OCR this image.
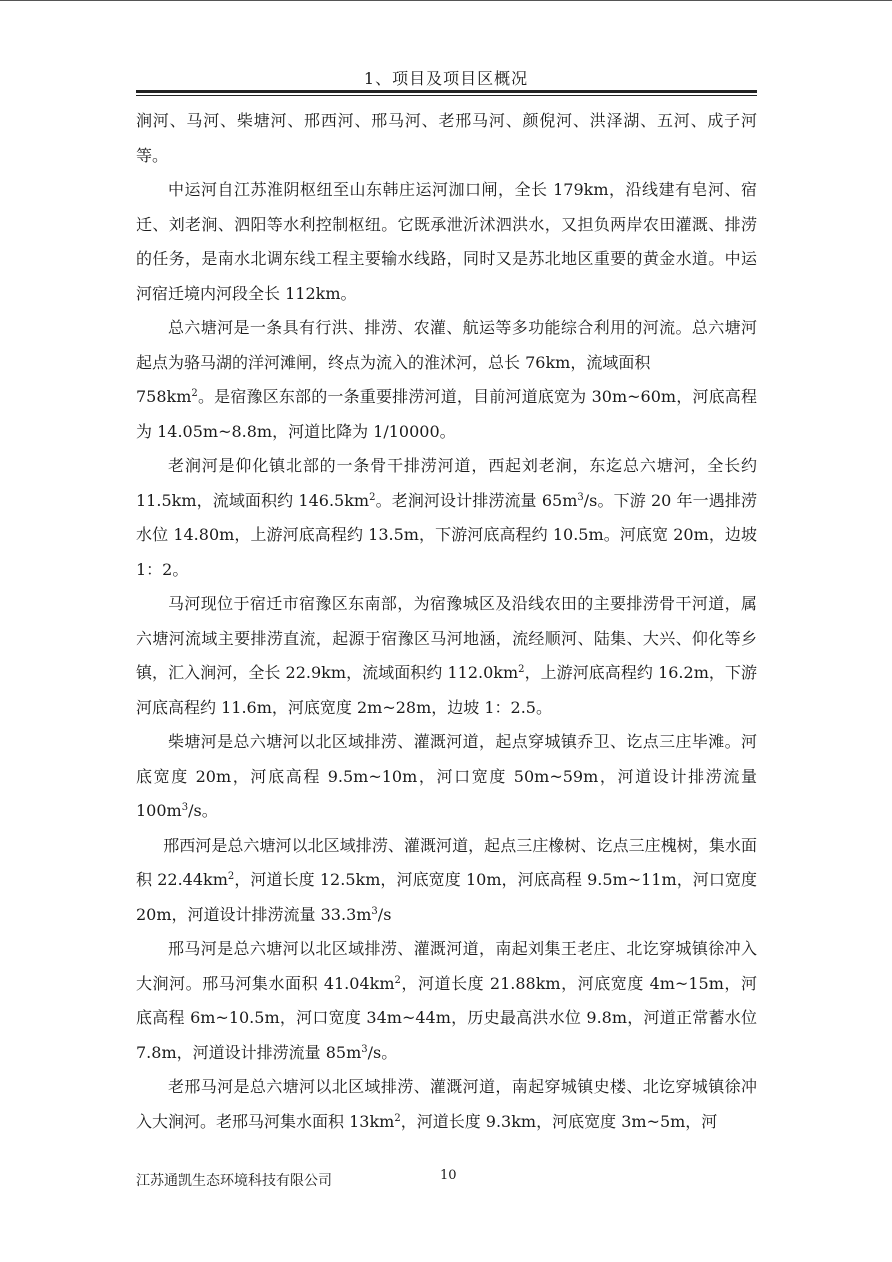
1、项目及项目区概况

涧河、马河、柴塘河、邢西河、邢马河、老邢马河、颜倪河、洪泽湖、五河、成子河等。

中运河自江苏淮阴枢纽至山东韩庄运河泇口闸，全长 179km，沿线建有皂河、宿迁、刘老涧、泗阳等水利控制枢纽。它既承泄沂沭泗洪水，又担负两岸农田灌溉、排涝的任务，是南水北调东线工程主要输水线路，同时又是苏北地区重要的黄金水道。中运河宿迁境内河段全长 112km。

总六塘河是一条具有行洪、排涝、农灌、航运等多功能综合利用的河流。总六塘河起点为骆马湖的洋河滩闸，终点为流入的淮沭河，总长 76km，流域面积
$758km^2$。是宿豫区东部的一条重要排涝河道，目前河道底宽为 30m~60m，河底高程为 14.05m~8.8m，河道比降为 1/10000。

老涧河是仰化镇北部的一条骨干排涝河道，西起刘老涧，东迄总六塘河，全长约 11.5km，流域面积约 $146.5km^2$。老涧河设计排涝流量 $65m^3/s$。下游 20 年一遇排涝水位 14.80m，上游河底高程约 13.5m，下游河底高程约 10.5m。河底宽 20m，边坡 1：2。

马河现位于宿迁市宿豫区东南部，为宿豫城区及沿线农田的主要排涝骨干河道，属六塘河流域主要排涝直流，起源于宿豫区马河地涵，流经顺河、陆集、大兴、仰化等乡镇，汇入涧河，全长 22.9km，流域面积约 $112.0km^2$，上游河底高程约 16.2m，下游河底高程约 11.6m，河底宽度 2m~28m，边坡 1：2.5。

柴塘河是总六塘河以北区域排涝、灌溉河道，起点穿城镇乔卫、讫点三庄毕滩。河底宽度 20m，河底高程 9.5m~10m，河口宽度 50m~59m，河道设计排涝流量 $100m^3/s$。

邢西河是总六塘河以北区域排涝、灌溉河道，起点三庄橡树、讫点三庄槐树，集水面积 $22.44km^2$，河道长度 12.5km，河底宽度 10m，河底高程 9.5m~11m，河口宽度 20m，河道设计排涝流量 $33.3m^3/s$

邢马河是总六塘河以北区域排涝、灌溉河道，南起刘集王老庄、北讫穿城镇徐冲入大涧河。邢马河集水面积 $41.04km^2$，河道长度 21.88km，河底宽度 4m~15m，河底高程 6m~10.5m，河口宽度 34m~44m，历史最高洪水位 9.8m，河道正常蓄水位 7.8m，河道设计排涝流量 $85m^3/s$。

老邢马河是总六塘河以北区域排涝、灌溉河道，南起穿城镇史楼、北讫穿城镇徐冲入大涧河。老邢马河集水面积 $13km^2$，河道长度 9.3km，河底宽度 3m~5m，河

江苏通凯生态环境科技有限公司	10
